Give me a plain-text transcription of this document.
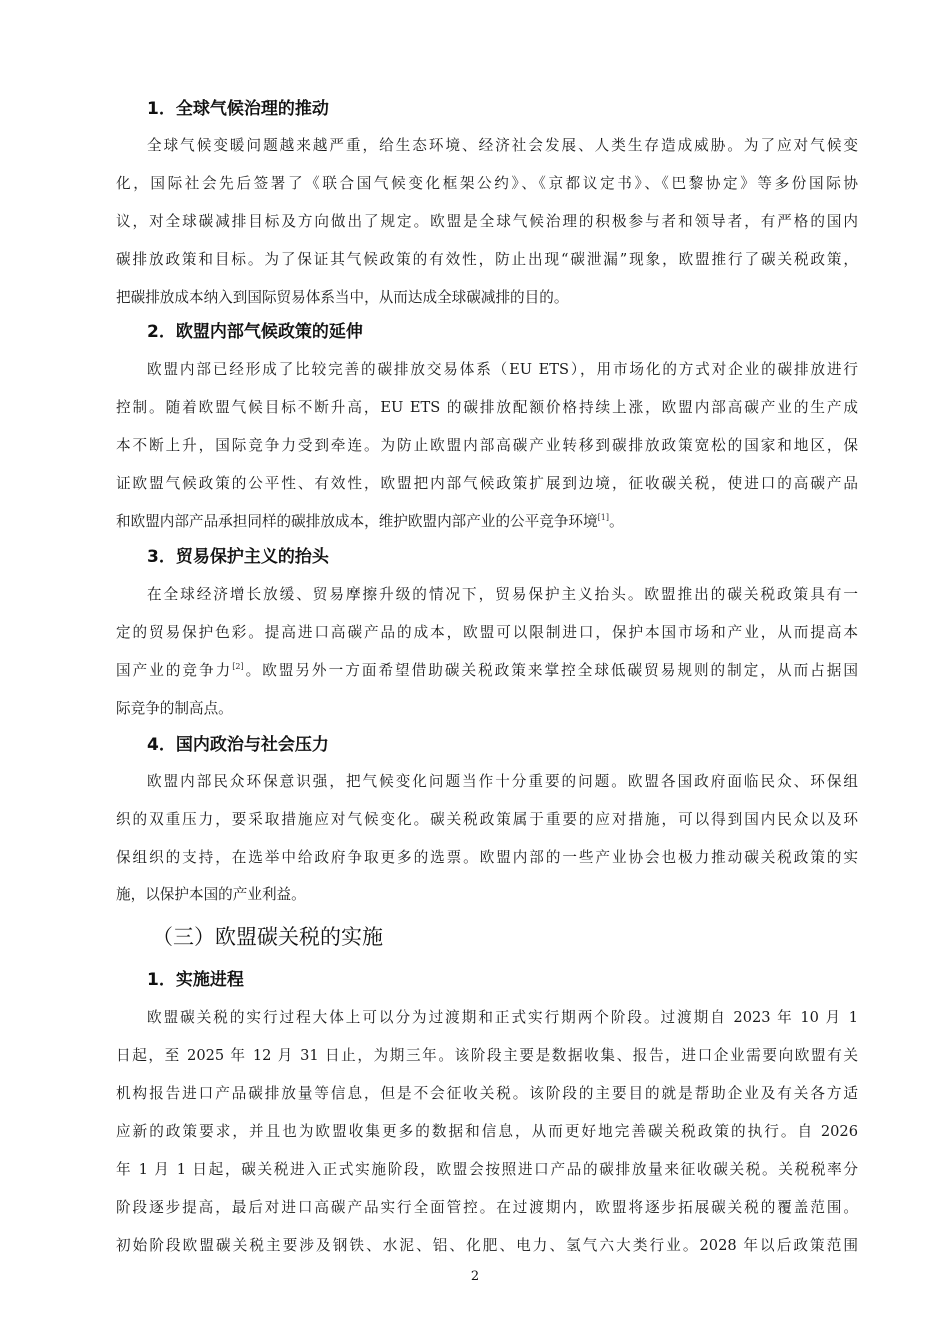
1．全球气候治理的推动
全球气候变暖问题越来越严重，给生态环境、经济社会发展、人类生存造成威胁。为了应对气候变
化，国际社会先后签署了《联合国气候变化框架公约》、《京都议定书》、《巴黎协定》等多份国际协
议，对全球碳减排目标及方向做出了规定。欧盟是全球气候治理的积极参与者和领导者，有严格的国内
碳排放政策和目标。为了保证其气候政策的有效性，防止出现“碳泄漏”现象，欧盟推行了碳关税政策，
把碳排放成本纳入到国际贸易体系当中，从而达成全球碳减排的目的。
2．欧盟内部气候政策的延伸
欧盟内部已经形成了比较完善的碳排放交易体系（EU ETS），用市场化的方式对企业的碳排放进行
控制。随着欧盟气候目标不断升高，EU ETS 的碳排放配额价格持续上涨，欧盟内部高碳产业的生产成
本不断上升，国际竞争力受到牵连。为防止欧盟内部高碳产业转移到碳排放政策宽松的国家和地区，保
证欧盟气候政策的公平性、有效性，欧盟把内部气候政策扩展到边境，征收碳关税，使进口的高碳产品
和欧盟内部产品承担同样的碳排放成本，维护欧盟内部产业的公平竞争环境[1]。
3．贸易保护主义的抬头
在全球经济增长放缓、贸易摩擦升级的情况下，贸易保护主义抬头。欧盟推出的碳关税政策具有一
定的贸易保护色彩。提高进口高碳产品的成本，欧盟可以限制进口，保护本国市场和产业，从而提高本
国产业的竞争力[2]。欧盟另外一方面希望借助碳关税政策来掌控全球低碳贸易规则的制定，从而占据国
际竞争的制高点。
4．国内政治与社会压力
欧盟内部民众环保意识强，把气候变化问题当作十分重要的问题。欧盟各国政府面临民众、环保组
织的双重压力，要采取措施应对气候变化。碳关税政策属于重要的应对措施，可以得到国内民众以及环
保组织的支持，在选举中给政府争取更多的选票。欧盟内部的一些产业协会也极力推动碳关税政策的实
施，以保护本国的产业利益。
（三）欧盟碳关税的实施
1．实施进程
欧盟碳关税的实行过程大体上可以分为过渡期和正式实行期两个阶段。过渡期自 2023 年 10 月 1
日起，至 2025 年 12 月 31 日止，为期三年。该阶段主要是数据收集、报告，进口企业需要向欧盟有关
机构报告进口产品碳排放量等信息，但是不会征收关税。该阶段的主要目的就是帮助企业及有关各方适
应新的政策要求，并且也为欧盟收集更多的数据和信息，从而更好地完善碳关税政策的执行。自 2026
年 1 月 1 日起，碳关税进入正式实施阶段，欧盟会按照进口产品的碳排放量来征收碳关税。关税税率分
阶段逐步提高，最后对进口高碳产品实行全面管控。在过渡期内，欧盟将逐步拓展碳关税的覆盖范围。
初始阶段欧盟碳关税主要涉及钢铁、水泥、铝、化肥、电力、氢气六大类行业。2028 年以后政策范围
2
